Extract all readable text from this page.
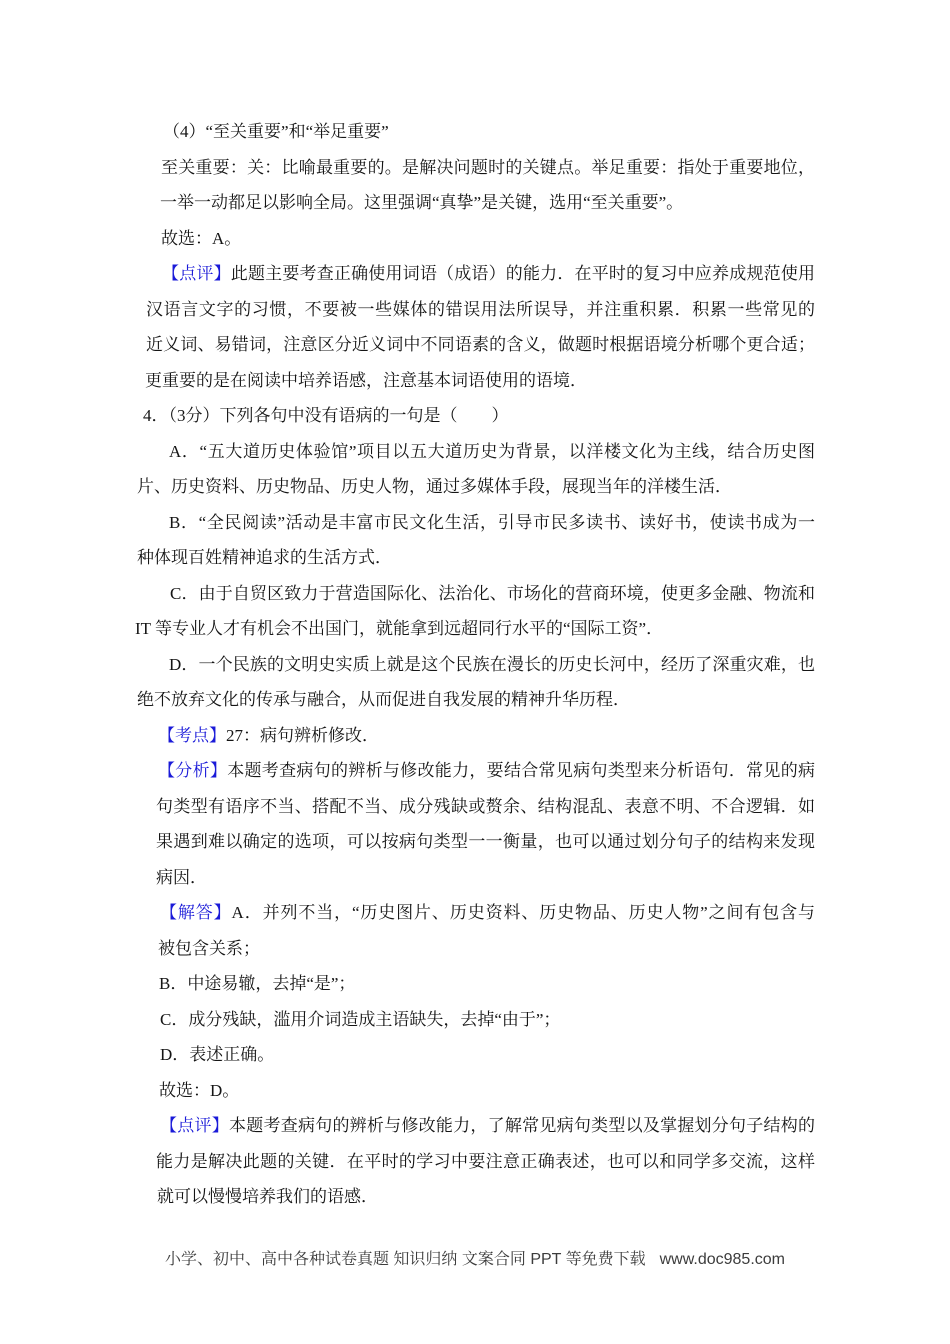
（4）“至关重要”和“举足重要”
至关重要：关：比喻最重要的。是解决问题时的关键点。举足重要：指处于重要地位，
一举一动都足以影响全局。这里强调“真挚”是关键，选用“至关重要”。
故选：A。
【点评】此题主要考查正确使用词语（成语）的能力．在平时的复习中应养成规范使用
汉语言文字的习惯，不要被一些媒体的错误用法所误导，并注重积累．积累一些常见的
近义词、易错词，注意区分近义词中不同语素的含义，做题时根据语境分析哪个更合适；
更重要的是在阅读中培养语感，注意基本词语使用的语境．
4．（3分）下列各句中没有语病的一句是（　　）
A．“五大道历史体验馆”项目以五大道历史为背景，以洋楼文化为主线，结合历史图
片、历史资料、历史物品、历史人物，通过多媒体手段，展现当年的洋楼生活．
B．“全民阅读”活动是丰富市民文化生活，引导市民多读书、读好书，使读书成为一
种体现百姓精神追求的生活方式．
C．由于自贸区致力于营造国际化、法治化、市场化的营商环境，使更多金融、物流和
IT 等专业人才有机会不出国门，就能拿到远超同行水平的“国际工资”．
D．一个民族的文明史实质上就是这个民族在漫长的历史长河中，经历了深重灾难，也
绝不放弃文化的传承与融合，从而促进自我发展的精神升华历程．
【考点】27：病句辨析修改．
【分析】本题考查病句的辨析与修改能力，要结合常见病句类型来分析语句．常见的病
句类型有语序不当、搭配不当、成分残缺或赘余、结构混乱、表意不明、不合逻辑．如
果遇到难以确定的选项，可以按病句类型一一衡量，也可以通过划分句子的结构来发现
病因．
【解答】A．并列不当，“历史图片、历史资料、历史物品、历史人物”之间有包含与
被包含关系；
B．中途易辙，去掉“是”；
C．成分残缺，滥用介词造成主语缺失，去掉“由于”；
D．表述正确。
故选：D。
【点评】本题考查病句的辨析与修改能力，了解常见病句类型以及掌握划分句子结构的
能力是解决此题的关键．在平时的学习中要注意正确表述，也可以和同学多交流，这样
就可以慢慢培养我们的语感．
小学、初中、高中各种试卷真题 知识归纳 文案合同 PPT 等免费下载 www.doc985.com
